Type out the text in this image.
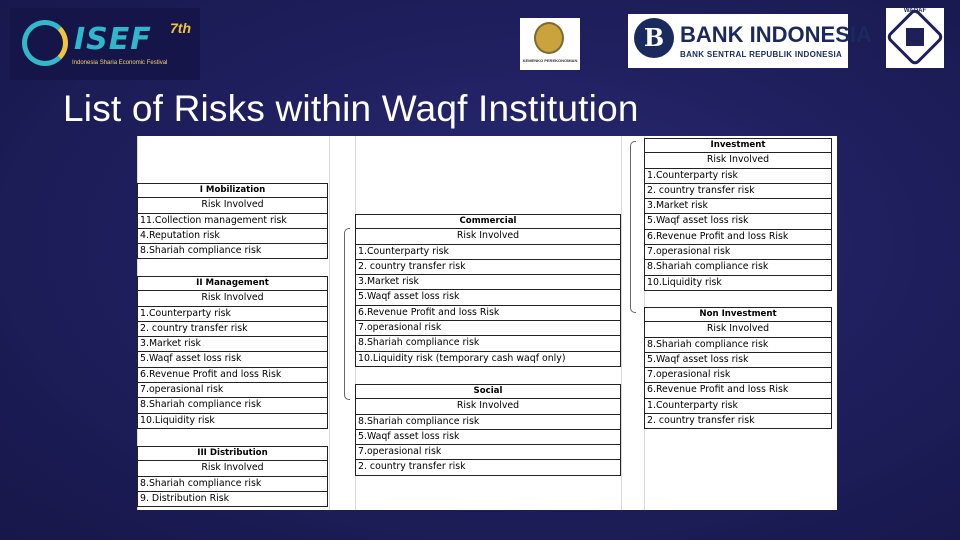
ISEF 7th
Indonesia Sharia Economic Festival	KEMENKO PEREKONOMIAN
B BANK INDONESIA
BANK SENTRAL REPUBLIK INDONESIA
WAQAF
List of Risks within Waqf Institution
I Mobilization
Risk Involved
11.Collection management risk
4.Reputation risk
8.Shariah compliance risk
II Management
Risk Involved
1.Counterparty risk
2. country transfer risk
3.Market risk
5.Waqf asset loss risk
6.Revenue Profit and loss Risk
7.operasional risk
8.Shariah compliance risk
10.Liquidity risk
III Distribution
Risk Involved
8.Shariah compliance risk
9. Distribution Risk
Commercial
Risk Involved
1.Counterparty risk
2. country transfer risk
3.Market risk
5.Waqf asset loss risk
6.Revenue Profit and loss Risk
7.operasional risk
8.Shariah compliance risk
10.Liquidity risk (temporary cash waqf only)
Social
Risk Involved
8.Shariah compliance risk
5.Waqf asset loss risk
7.operasional risk
2. country transfer risk
Investment
Risk Involved
1.Counterparty risk
2. country transfer risk
3.Market risk
5.Waqf asset loss risk
6.Revenue Profit and loss Risk
7.operasional risk
8.Shariah compliance risk
10.Liquidity risk
Non Investment
Risk Involved
8.Shariah compliance risk
5.Waqf asset loss risk
7.operasional risk
6.Revenue Profit and loss Risk
1.Counterparty risk
2. country transfer risk
